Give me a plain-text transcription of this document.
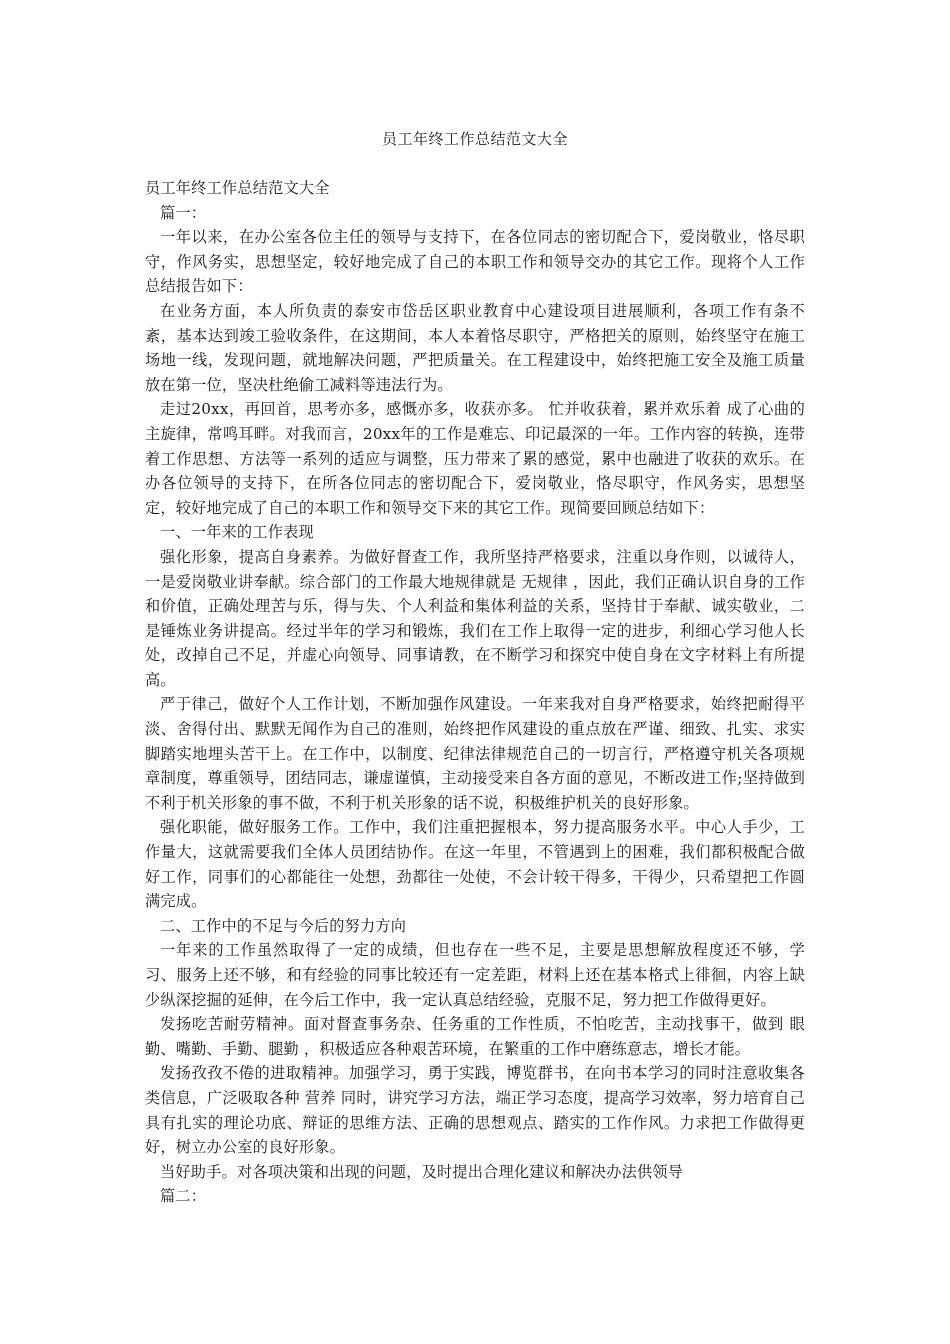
员工年终工作总结范文大全

员工年终工作总结范文大全

篇一：

一年以来，在办公室各位主任的领导与支持下，在各位同志的密切配合下，爱岗敬业，恪尽职守，作风务实，思想坚定，较好地完成了自己的本职工作和领导交办的其它工作。现将个人工作总结报告如下：

在业务方面，本人所负责的泰安市岱岳区职业教育中心建设项目进展顺利，各项工作有条不紊，基本达到竣工验收条件，在这期间，本人本着恪尽职守，严格把关的原则，始终坚守在施工场地一线，发现问题，就地解决问题，严把质量关。在工程建设中，始终把施工安全及施工质量放在第一位，坚决杜绝偷工减料等违法行为。

走过20xx，再回首，思考亦多，感慨亦多，收获亦多。 忙并收获着，累并欢乐着 成了心曲的主旋律，常鸣耳畔。对我而言，20xx年的工作是难忘、印记最深的一年。工作内容的转换，连带着工作思想、方法等一系列的适应与调整，压力带来了累的感觉，累中也融进了收获的欢乐。在办各位领导的支持下，在所各位同志的密切配合下，爱岗敬业，恪尽职守，作风务实，思想坚定，较好地完成了自己的本职工作和领导交下来的其它工作。现简要回顾总结如下：

一、一年来的工作表现

强化形象，提高自身素养。为做好督查工作，我所坚持严格要求，注重以身作则，以诚待人，一是爱岗敬业讲奉献。综合部门的工作最大地规律就是 无规律 ，因此，我们正确认识自身的工作和价值，正确处理苦与乐，得与失、个人利益和集体利益的关系，坚持甘于奉献、诚实敬业，二是锤炼业务讲提高。经过半年的学习和锻炼，我们在工作上取得一定的进步，利细心学习他人长处，改掉自己不足，并虚心向领导、同事请教，在不断学习和探究中使自身在文字材料上有所提高。

严于律己，做好个人工作计划，不断加强作风建设。一年来我对自身严格要求，始终把耐得平淡、舍得付出、默默无闻作为自己的准则，始终把作风建设的重点放在严谨、细致、扎实、求实脚踏实地埋头苦干上。在工作中，以制度、纪律法律规范自己的一切言行，严格遵守机关各项规章制度，尊重领导，团结同志，谦虚谨慎，主动接受来自各方面的意见，不断改进工作;坚持做到不利于机关形象的事不做，不利于机关形象的话不说，积极维护机关的良好形象。

强化职能，做好服务工作。工作中，我们注重把握根本，努力提高服务水平。中心人手少，工作量大，这就需要我们全体人员团结协作。在这一年里，不管遇到上的困难，我们都积极配合做好工作，同事们的心都能往一处想，劲都往一处使，不会计较干得多，干得少，只希望把工作圆满完成。

二、工作中的不足与今后的努力方向

一年来的工作虽然取得了一定的成绩，但也存在一些不足，主要是思想解放程度还不够，学习、服务上还不够，和有经验的同事比较还有一定差距，材料上还在基本格式上徘徊，内容上缺少纵深挖掘的延伸，在今后工作中，我一定认真总结经验，克服不足，努力把工作做得更好。

发扬吃苦耐劳精神。面对督查事务杂、任务重的工作性质，不怕吃苦，主动找事干，做到 眼勤、嘴勤、手勤、腿勤 ，积极适应各种艰苦环境，在繁重的工作中磨练意志，增长才能。

发扬孜孜不倦的进取精神。加强学习，勇于实践，博览群书，在向书本学习的同时注意收集各类信息，广泛吸取各种 营养 同时，讲究学习方法，端正学习态度，提高学习效率，努力培育自己具有扎实的理论功底、辩证的思维方法、正确的思想观点、踏实的工作作风。力求把工作做得更好，树立办公室的良好形象。

当好助手。对各项决策和出现的问题，及时提出合理化建议和解决办法供领导

篇二：
